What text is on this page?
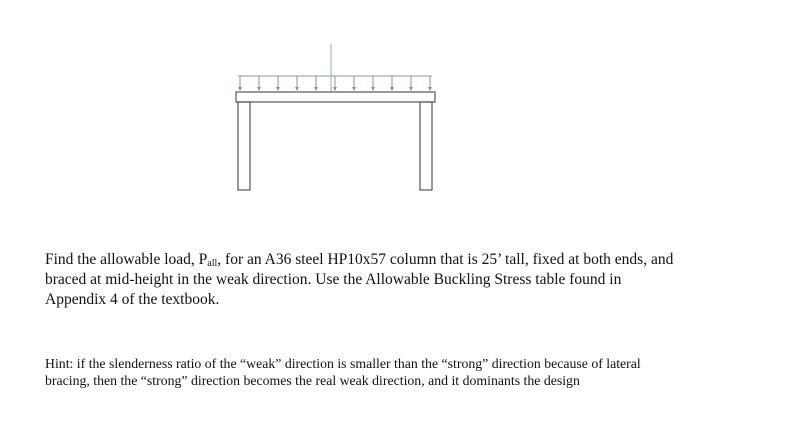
Find the allowable load, $P_{all}$, for an A36 steel HP10x57 column that is 25’ tall, fixed at both ends, and braced at mid-height in the weak direction. Use the Allowable Buckling Stress table found in Appendix 4 of the textbook.

Hint: if the slenderness ratio of the “weak” direction is smaller than the “strong” direction because of lateral bracing, then the “strong” direction becomes the real weak direction, and it dominants the design
